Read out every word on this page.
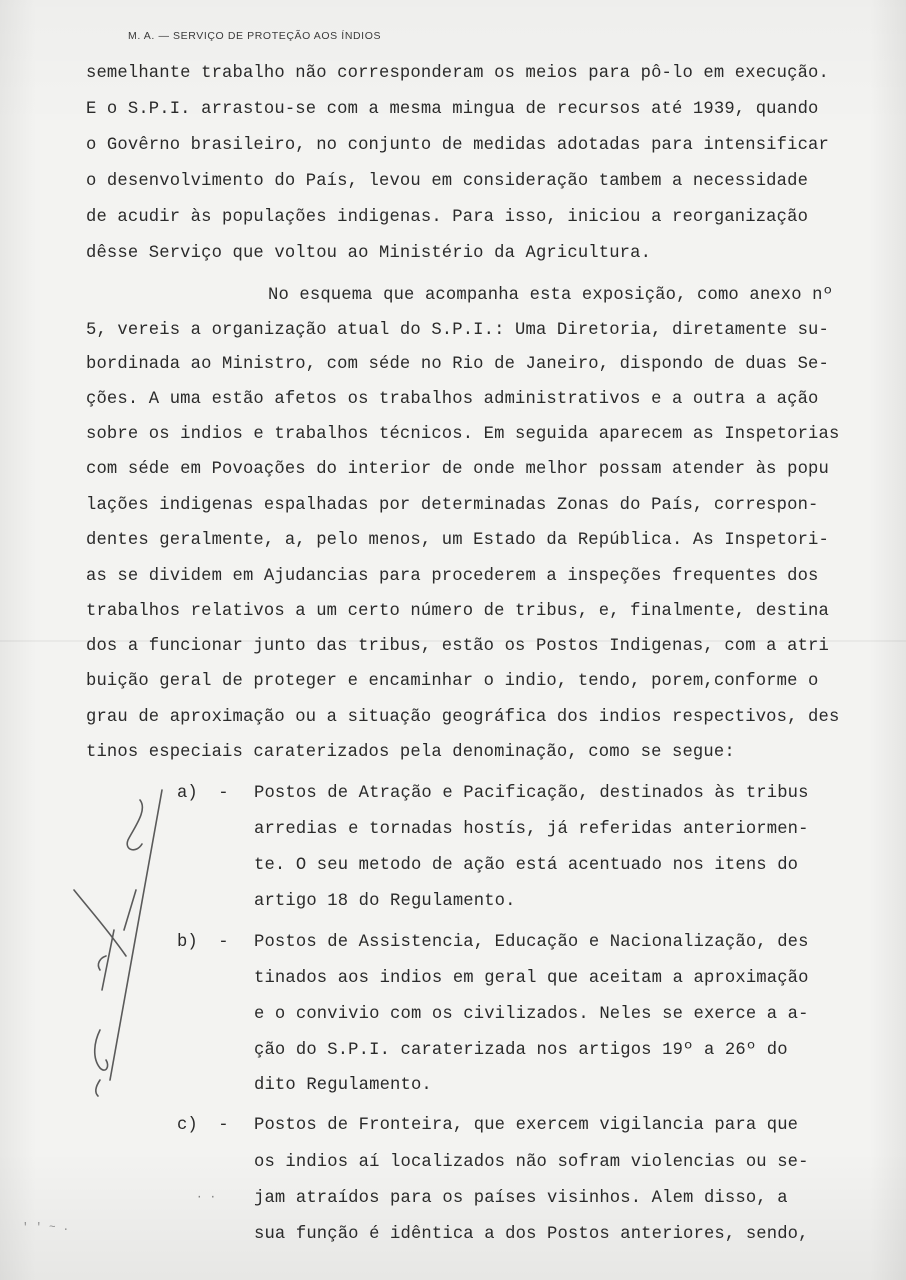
M. A. — SERVIÇO DE PROTEÇÃO AOS ÍNDIOS
semelhante trabalho não corresponderam os meios para pô-lo em execução.
E o S.P.I. arrastou-se com a mesma mingua de recursos até 1939, quando
o Govêrno brasileiro, no conjunto de medidas adotadas para intensificar
o desenvolvimento do País, levou em consideração tambem a necessidade
de acudir às populações indigenas. Para isso, iniciou a reorganização
dêsse Serviço que voltou ao Ministério da Agricultura.
No esquema que acompanha esta exposição, como anexo nº
5, vereis a organização atual do S.P.I.: Uma Diretoria, diretamente su-
bordinada ao Ministro, com séde no Rio de Janeiro, dispondo de duas Se-
ções. A uma estão afetos os trabalhos administrativos e a outra a ação
sobre os indios e trabalhos técnicos. Em seguida aparecem as Inspetorias
com séde em Povoações do interior de onde melhor possam atender às popu
lações indigenas espalhadas por determinadas Zonas do País, correspon-
dentes geralmente, a, pelo menos, um Estado da República. As Inspetori-
as se dividem em Ajudancias para procederem a inspeções frequentes dos
trabalhos relativos a um certo número de tribus, e, finalmente, destina
dos a funcionar junto das tribus, estão os Postos Indigenas, com a atri
buição geral de proteger e encaminhar o indio, tendo, porem,conforme o
grau de aproximação ou a situação geográfica dos indios respectivos, des
tinos especiais caraterizados pela denominação, como se segue:
a)  - Postos de Atração e Pacificação, destinados às tribus
arredias e tornadas hostís, já referidas anteriormen-
te. O seu metodo de ação está acentuado nos itens do
artigo 18 do Regulamento.
b)  - Postos de Assistencia, Educação e Nacionalização, des
tinados aos indios em geral que aceitam a aproximação
e o convivio com os civilizados. Neles se exerce a a-
ção do S.P.I. caraterizada nos artigos 19º a 26º do
dito Regulamento.
c)  - Postos de Fronteira, que exercem vigilancia para que
os indios aí localizados não sofram violencias ou se-
jam atraídos para os países visinhos. Alem disso, a
sua função é idêntica a dos Postos anteriores, sendo,
' ' ~ .
· ·
